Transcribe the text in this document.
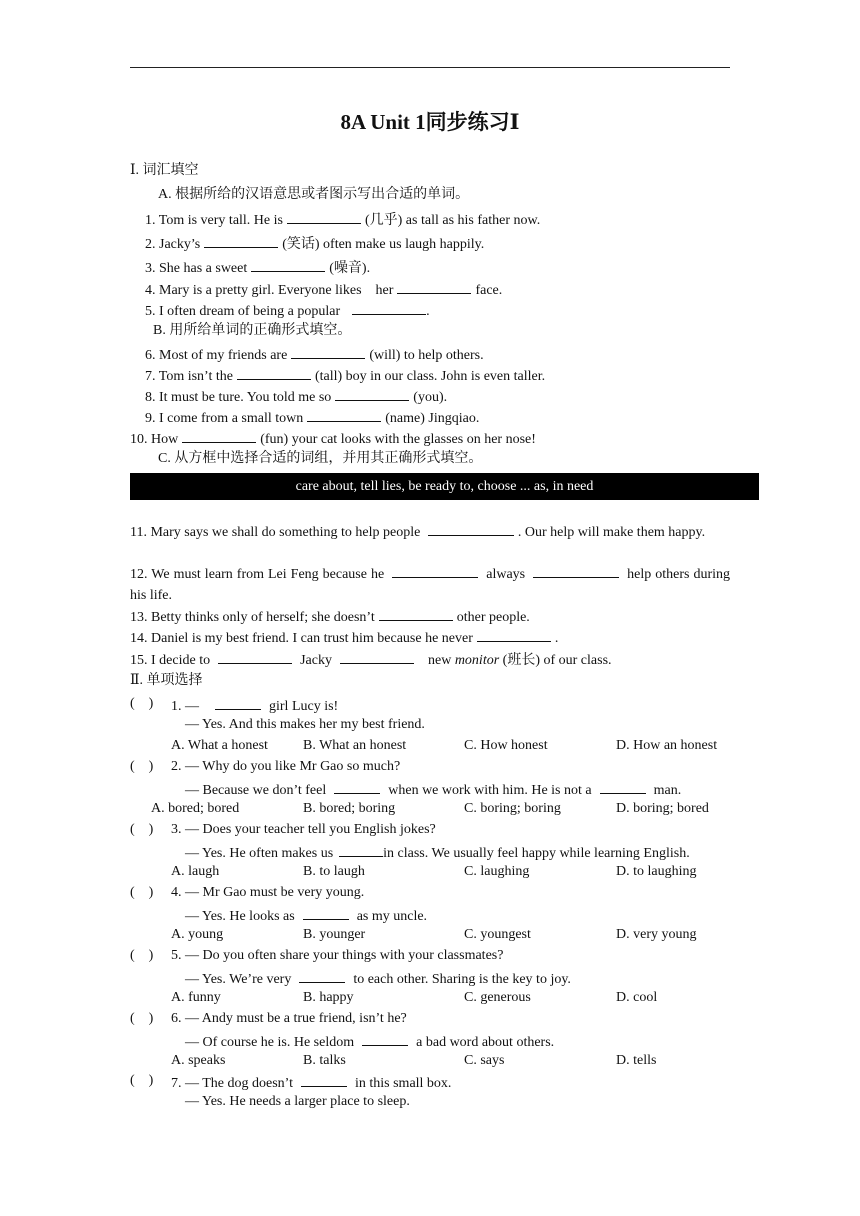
8A Unit 1同步练习Ⅰ
Ⅰ. 词汇填空
A. 根据所给的汉语意思或者图示写出合适的单词。
1. Tom is very tall. He is	(几乎) as tall as his father now.
2. Jacky’s	(笑话) often make us laugh happily.
3. She has a sweet	(噪音).
4. Mary is a pretty girl. Everyone likes    her	face.
5. I often dream of being a popular	.
B. 用所给单词的正确形式填空。
6. Most of my friends are	(will) to help others.
7. Tom isn’t the	(tall) boy in our class. John is even taller.
8. It must be ture. You told me so	(you).
9. I come from a small town	(name) Jingqiao.
10. How	(fun) your cat looks with the glasses on her nose!
C. 从方框中选择合适的词组，并用其正确形式填空。
care about, tell lies, be ready to, choose ... as, in need
11. Mary says we shall do something to help people	. Our help will make them happy.
12. We must learn from Lei Feng because he	always	help others during his life.
13. Betty thinks only of herself; she doesn’t	other people.
14. Daniel is my best friend. I can trust him because he never	.
15. I decide to	Jacky	new monitor (班长) of our class.
Ⅱ. 单项选择
(    ) 1. —	girl Lucy is!
— Yes. And this makes her my best friend.
A. What a honest	B. What an honest	C. How honest	D. How an honest
(    ) 2. — Why do you like Mr Gao so much?
— Because we don’t feel	when we work with him. He is not a	man.
A. bored; bored	B. bored; boring	C. boring; boring	D. boring; bored
(    ) 3. — Does your teacher tell you English jokes?
— Yes. He often makes us	in class. We usually feel happy while learning English.
A. laugh	B. to laugh	C. laughing	D. to laughing
(    ) 4. — Mr Gao must be very young.
— Yes. He looks as	as my uncle.
A. young	B. younger	C. youngest	D. very young
(    ) 5. — Do you often share your things with your classmates?
— Yes. We’re very	to each other. Sharing is the key to joy.
A. funny	B. happy	C. generous	D. cool
(    ) 6. — Andy must be a true friend, isn’t he?
— Of course he is. He seldom	a bad word about others.
A. speaks	B. talks	C. says	D. tells
(    ) 7. — The dog doesn’t	in this small box.
— Yes. He needs a larger place to sleep.
